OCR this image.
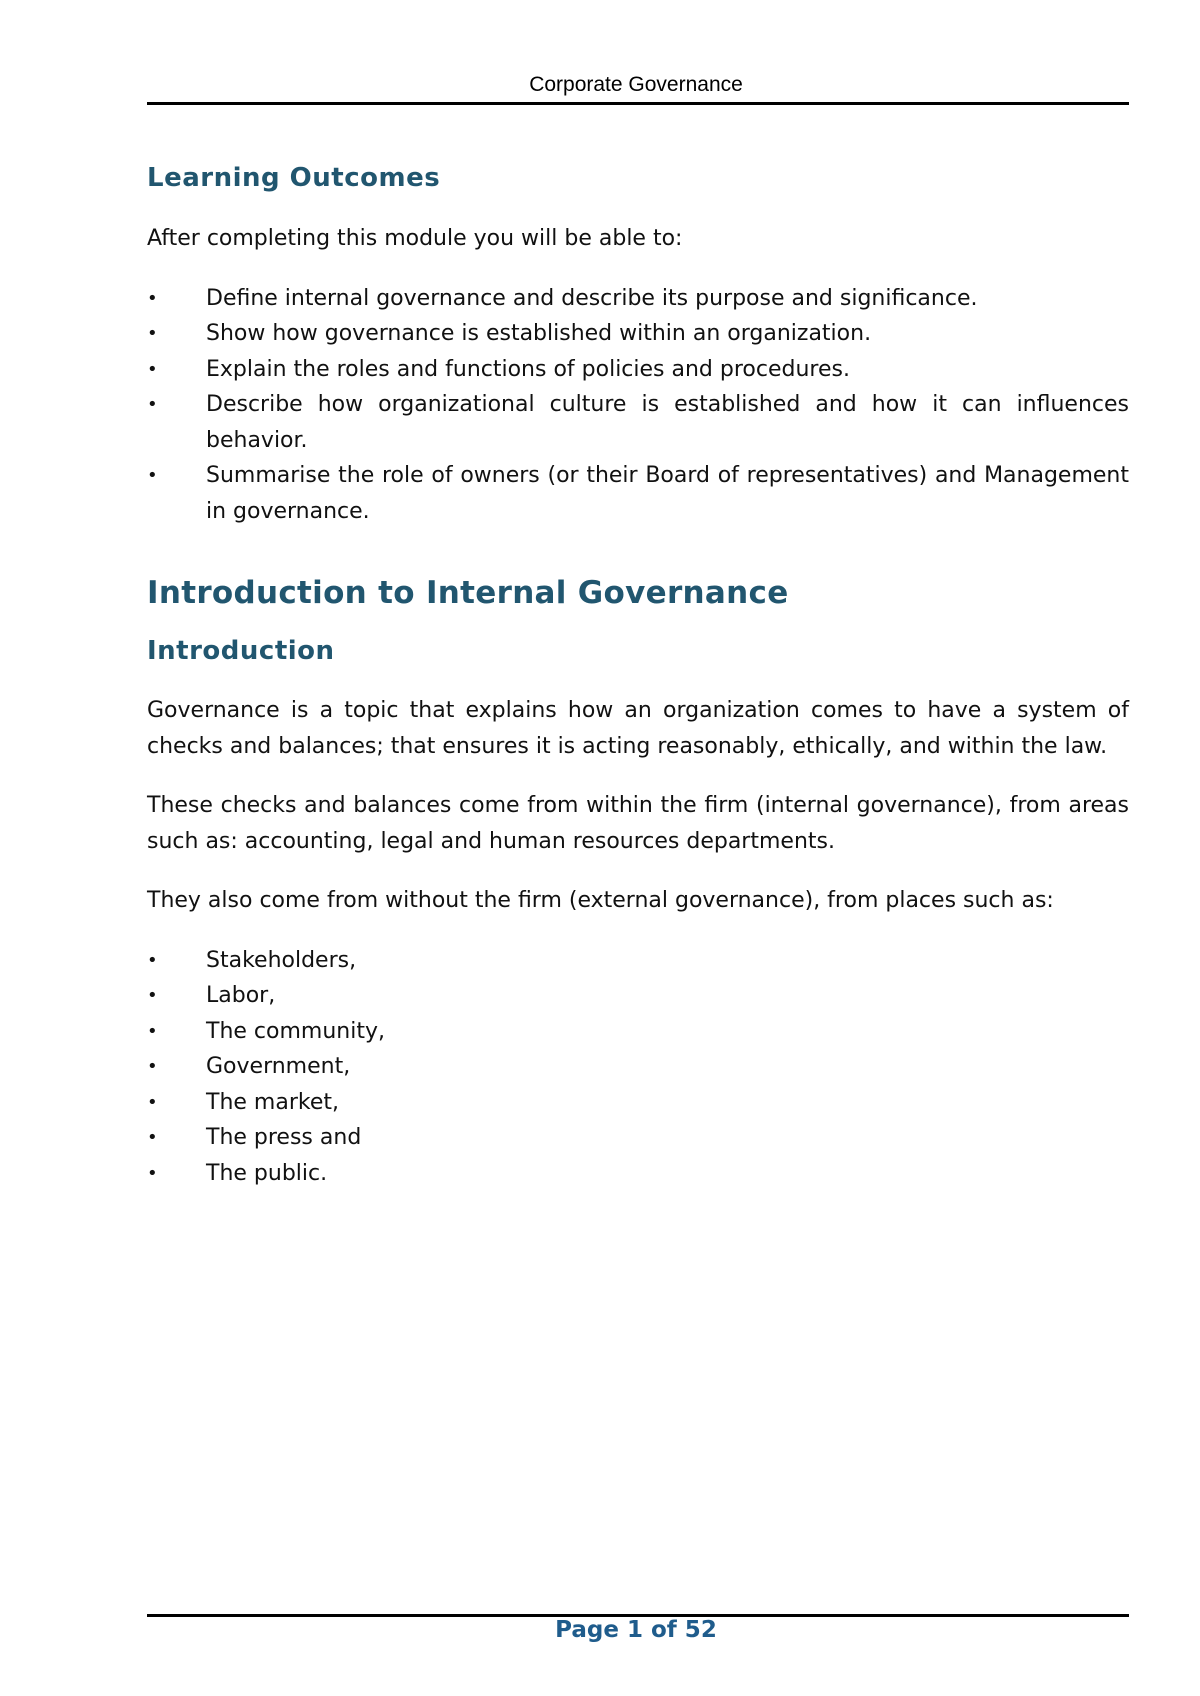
Corporate Governance
Learning Outcomes

After completing this module you will be able to:

•	Define internal governance and describe its purpose and significance.
•	Show how governance is established within an organization.
•	Explain the roles and functions of policies and procedures.
•	Describe how organizational culture is established and how it can influences behavior.
•	Summarise the role of owners (or their Board of representatives) and Management in governance.
Introduction to Internal Governance
Introduction

Governance is a topic that explains how an organization comes to have a system of checks and balances; that ensures it is acting reasonably, ethically, and within the law.

These checks and balances come from within the firm (internal governance), from areas such as: accounting, legal and human resources departments.

They also come from without the firm (external governance), from places such as:

•	Stakeholders,
•	Labor,
•	The community,
•	Government,
•	The market,
•	The press and
•	The public.
Page 1 of 52
